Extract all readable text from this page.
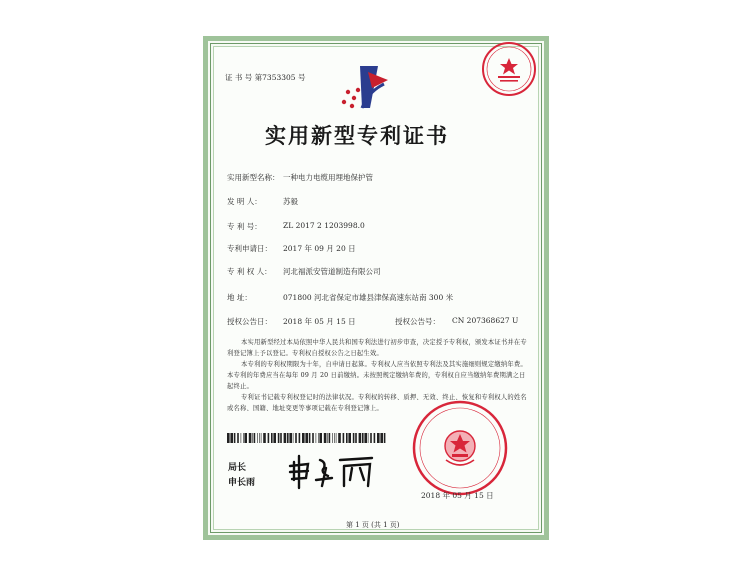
证 书 号 第7353305 号
实用新型专利证书
实用新型名称： 一种电力电缆用埋地保护管
发 明 人：	苏毅
专 利 号：	ZL 2017 2 1203998.0
专利申请日： 2017 年 09 月 20 日
专 利 权 人： 河北福派安管道制造有限公司
地 址：	071800 河北省保定市雄县津保高速东站南 300 米
授权公告日： 2018 年 05 月 15 日	授权公告号： CN 207368627 U
本实用新型经过本局依照中华人民共和国专利法进行初步审查，决定授予专利权，颁发本证书并在专利登记簿上予以登记。专利权自授权公告之日起生效。
本专利的专利权期限为十年，自申请日起算。专利权人应当依照专利法及其实施细则规定缴纳年费。本专利的年费应当在每年 09 月 20 日前缴纳。未按照规定缴纳年费的，专利权自应当缴纳年费期满之日起终止。
专利证书记载专利权登记时的法律状况。专利权的转移、质押、无效、终止、恢复和专利权人的姓名或名称、国籍、地址变更等事项记载在专利登记簿上。
局长
申长雨
2018 年 05 月 15 日
第 1 页 (共 1 页)
